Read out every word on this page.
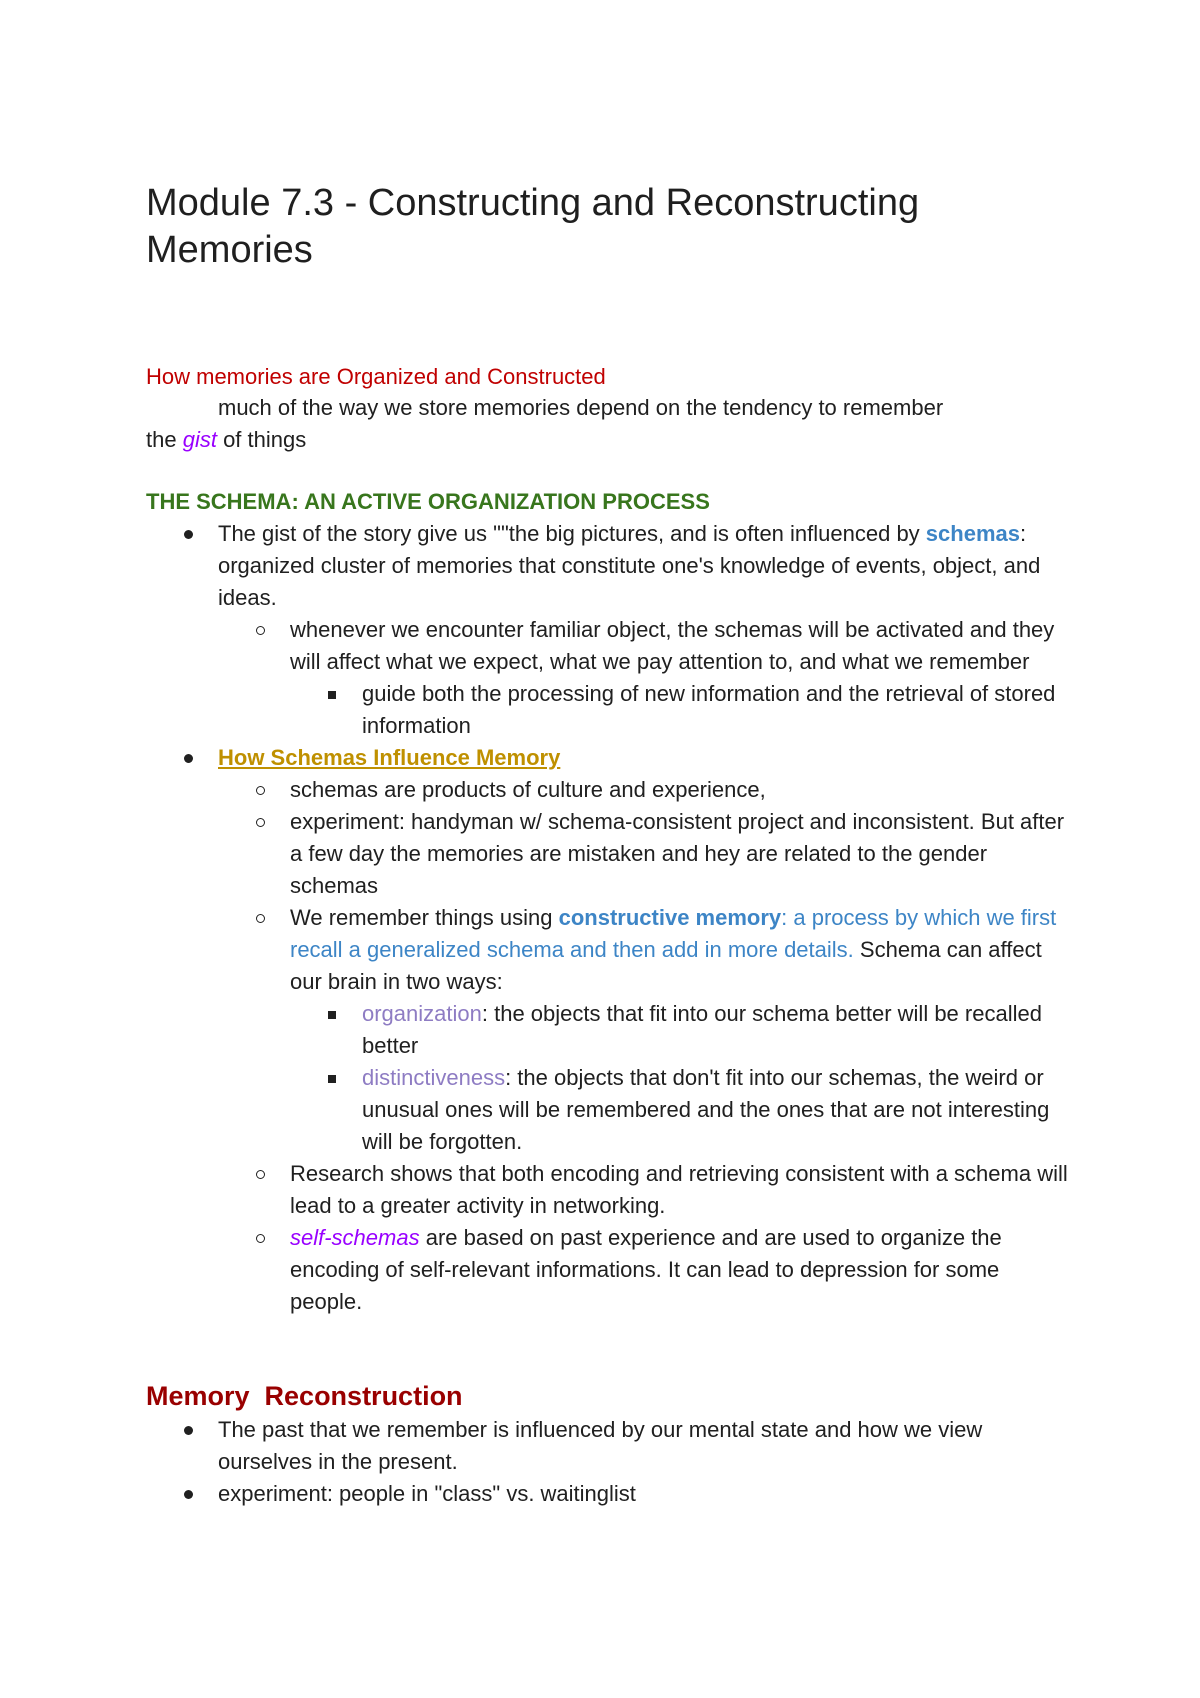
Module 7.3 - Constructing and Reconstructing Memories
How memories are Organized and Constructed
much of the way we store memories depend on the tendency to remember
the gist of things
THE SCHEMA: AN ACTIVE ORGANIZATION PROCESS
The gist of the story give us ""the big pictures, and is often influenced by schemas: organized cluster of memories that constitute one's knowledge of events, object, and ideas.
whenever we encounter familiar object, the schemas will be activated and they will affect what we expect, what we pay attention to, and what we remember
guide both the processing of new information and the retrieval of stored information
How Schemas Influence Memory
schemas are products of culture and experience,
experiment: handyman w/ schema-consistent project and inconsistent. But after a few day the memories are mistaken and hey are related to the gender schemas
We remember things using constructive memory: a process by which we first recall a generalized schema and then add in more details. Schema can affect our brain in two ways:
organization: the objects that fit into our schema better will be recalled better
distinctiveness: the objects that don't fit into our schemas, the weird or unusual ones will be remembered and the ones that are not interesting will be forgotten.
Research shows that both encoding and retrieving consistent with a schema will lead to a greater activity in networking.
self-schemas are based on past experience and are used to organize the encoding of self-relevant informations. It can lead to depression for some people.
Memory  Reconstruction
The past that we remember is influenced by our mental state and how we view ourselves in the present.
experiment: people in "class" vs. waitinglist
